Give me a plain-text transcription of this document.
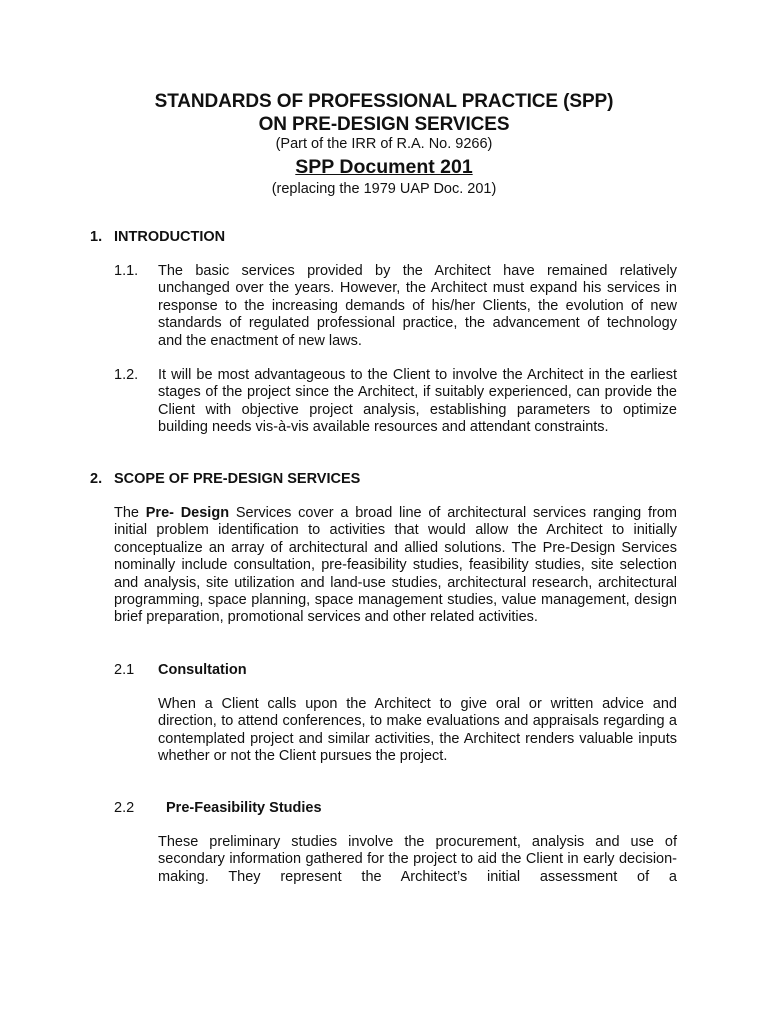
STANDARDS OF PROFESSIONAL PRACTICE (SPP)
ON PRE-DESIGN SERVICES
(Part of the IRR of R.A. No. 9266)
SPP Document 201
(replacing the 1979 UAP Doc. 201)
1. INTRODUCTION
1.1. The basic services provided by the Architect have remained relatively unchanged over the years. However, the Architect must expand his services in response to the increasing demands of his/her Clients, the evolution of new standards of regulated professional practice, the advancement of technology and the enactment of new laws.
1.2. It will be most advantageous to the Client to involve the Architect in the earliest stages of the project since the Architect, if suitably experienced, can provide the Client with objective project analysis, establishing parameters to optimize building needs vis-à-vis available resources and attendant constraints.
2. SCOPE OF PRE-DESIGN SERVICES
The Pre- Design Services cover a broad line of architectural services ranging from initial problem identification to activities that would allow the Architect to initially conceptualize an array of architectural and allied solutions. The Pre-Design Services nominally include consultation, pre-feasibility studies, feasibility studies, site selection and analysis, site utilization and land-use studies, architectural research, architectural programming, space planning, space management studies, value management, design brief preparation, promotional services and other related activities.
2.1 Consultation
When a Client calls upon the Architect to give oral or written advice and direction, to attend conferences, to make evaluations and appraisals regarding a contemplated project and similar activities, the Architect renders valuable inputs whether or not the Client pursues the project.
2.2 Pre-Feasibility Studies
These preliminary studies involve the procurement, analysis and use of secondary information gathered for the project to aid the Client in early decision-making. They represent the Architect’s initial assessment of a
